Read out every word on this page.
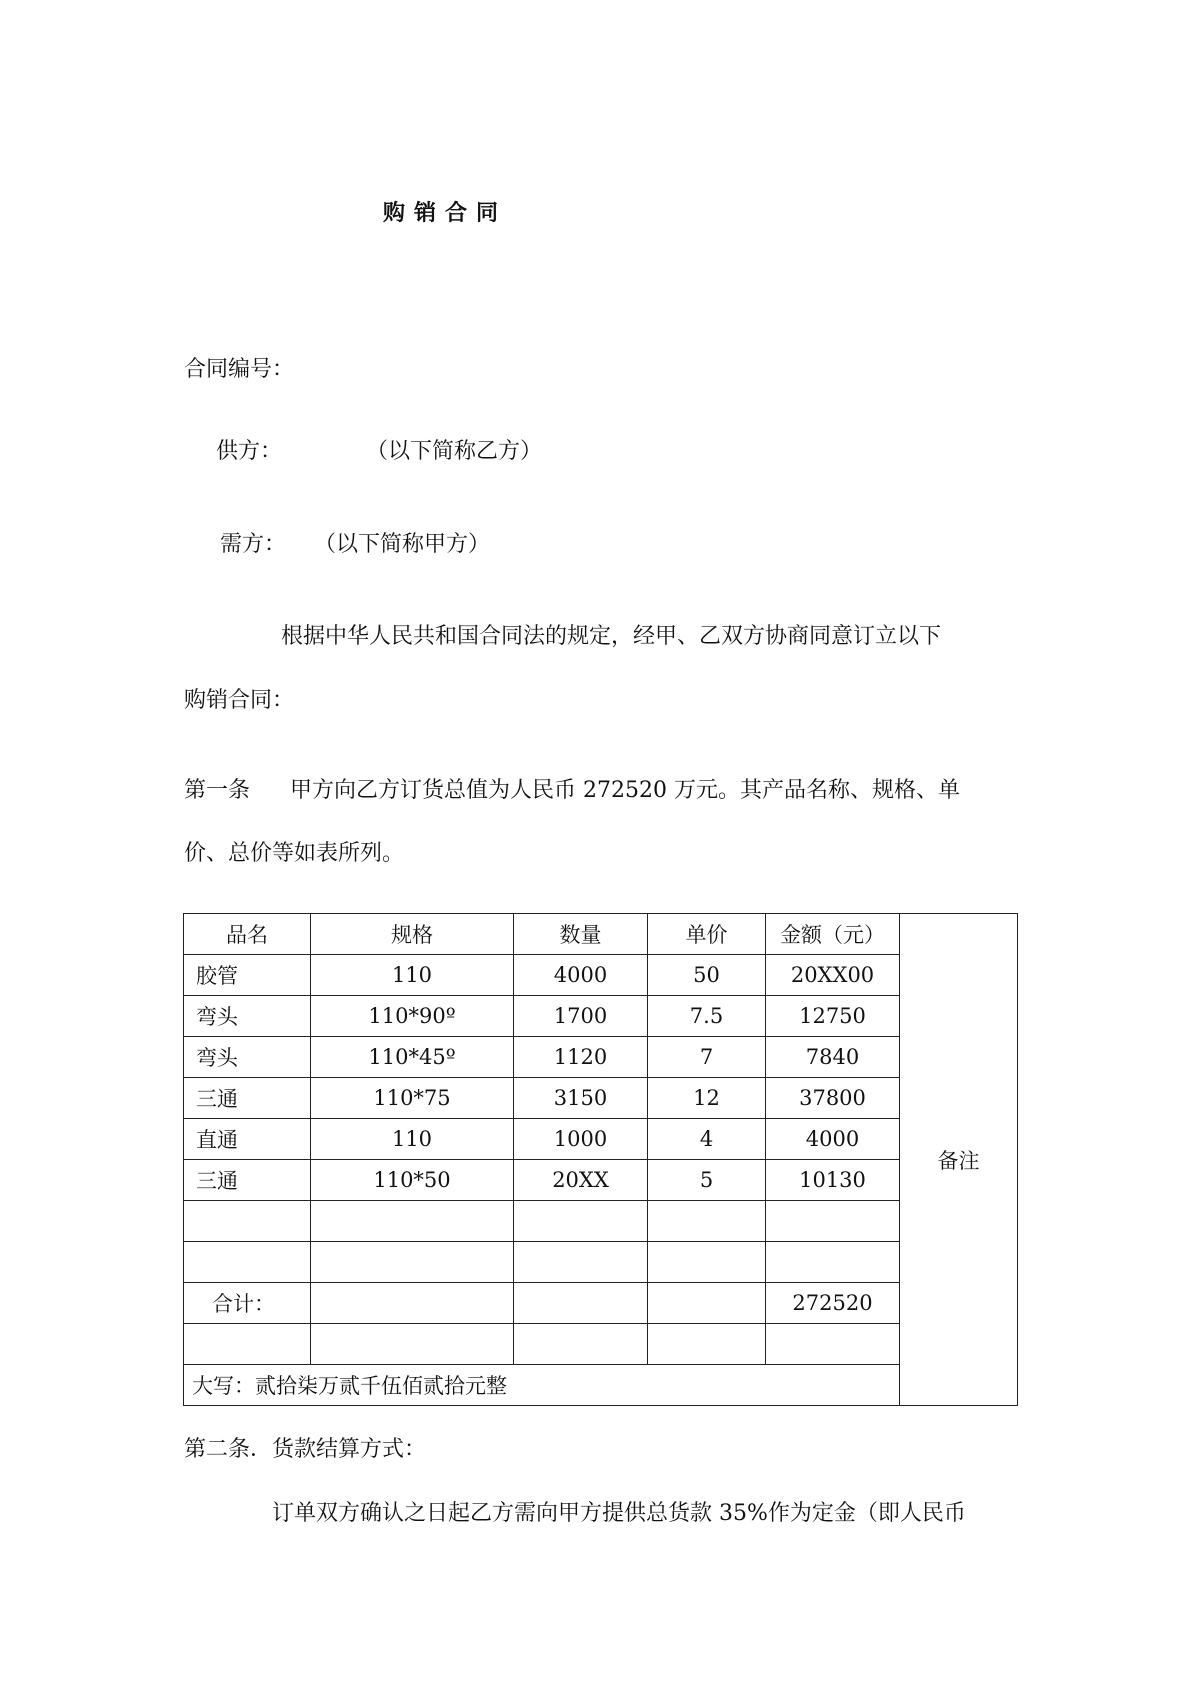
购销合同

合同编号：

供方：	（以下简称乙方）

需方： （以下简称甲方）

根据中华人民共和国合同法的规定，经甲、乙双方协商同意订立以下

购销合同：

第一条 甲方向乙方订货总值为人民币 272520 万元。其产品名称、规格、单

价、总价等如表所列。

品名	规格	数量	单价	金额（元）	备注
胶管	110	4000	50	20XX00	
弯头	110*90º	1700	7.5	12750	
弯头	110*45º	1120	7	7840	
三通	110*75	3150	12	37800	
直通	110	1000	4	4000	
三通	110*50	20XX	5	10130	

合计：				272520	

大写：贰拾柒万贰千伍佰贰拾元整					

第二条．货款结算方式：

订单双方确认之日起乙方需向甲方提供总货款 35%作为定金（即人民币
